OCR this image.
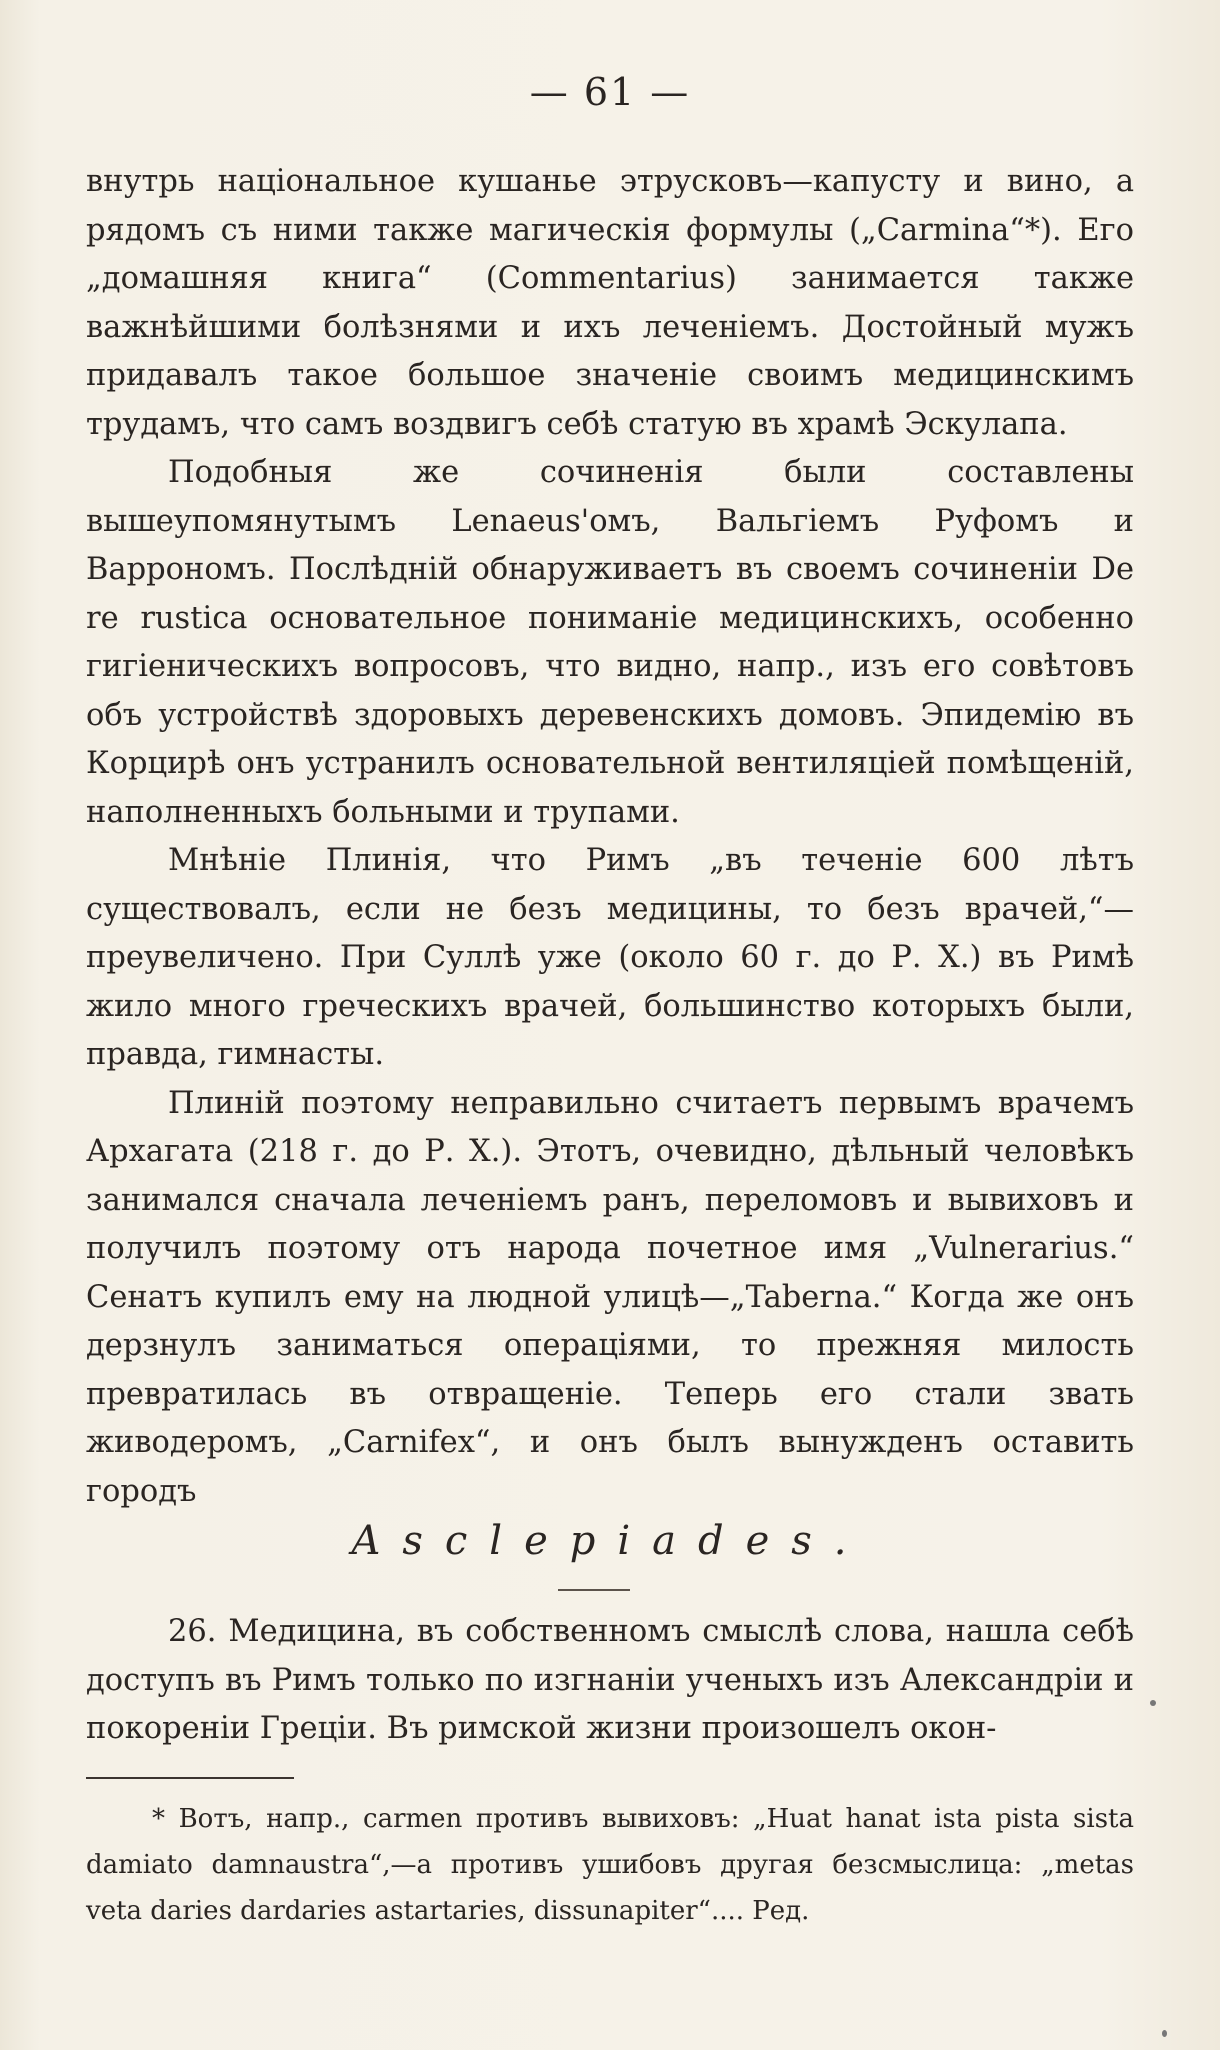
— 61 —

внутрь національное кушанье этрусковъ—капусту и вино, а рядомъ съ ними также магическія формулы („Carmina“*). Его „домашняя книга“ (Commentarius) занимается также важнѣйшими болѣзнями и ихъ леченіемъ. Достойный мужъ придавалъ такое большое значеніе своимъ медицинскимъ трудамъ, что самъ воздвигъ себѣ статую въ храмѣ Эскулапа.

Подобныя же сочиненія были составлены вышеупомянутымъ Lenaeus'омъ, Вальгіемъ Руфомъ и Варрономъ. Послѣдній обнаруживаетъ въ своемъ сочиненіи De re rustica основательное пониманіе медицинскихъ, особенно гигіеническихъ вопросовъ, что видно, напр., изъ его совѣтовъ объ устройствѣ здоровыхъ деревенскихъ домовъ. Эпидемію въ Корцирѣ онъ устранилъ основательной вентиляціей помѣщеній, наполненныхъ больными и трупами.

Мнѣніе Плинія, что Римъ „въ теченіе 600 лѣтъ существовалъ, если не безъ медицины, то безъ врачей,“—преувеличено. При Суллѣ уже (около 60 г. до Р. Х.) въ Римѣ жило много греческихъ врачей, большинство которыхъ были, правда, гимнасты.

Плиній поэтому неправильно считаетъ первымъ врачемъ Архагата (218 г. до Р. Х.). Этотъ, очевидно, дѣльный человѣкъ занимался сначала леченіемъ ранъ, переломовъ и вывиховъ и получилъ поэтому отъ народа почетное имя „Vulnerarius.“ Сенатъ купилъ ему на людной улицѣ—„Taberna.“ Когда же онъ дерзнулъ заниматься операціями, то прежняя милость превратилась въ отвращеніе. Теперь его стали звать живодеромъ, „Carnifex“, и онъ былъ вынужденъ оставить городъ

Asclepiades.

26. Медицина, въ собственномъ смыслѣ слова, нашла себѣ доступъ въ Римъ только по изгнаніи ученыхъ изъ Александріи и покореніи Греціи. Въ римской жизни произошелъ окон-

* Вотъ, напр., carmen противъ вывиховъ: „Huat hanat ista pista sista damiato damnaustra“,—а противъ ушибовъ другая безсмыслица: „metas veta daries dardaries astartaries, dissunapiter“.... Ред.
